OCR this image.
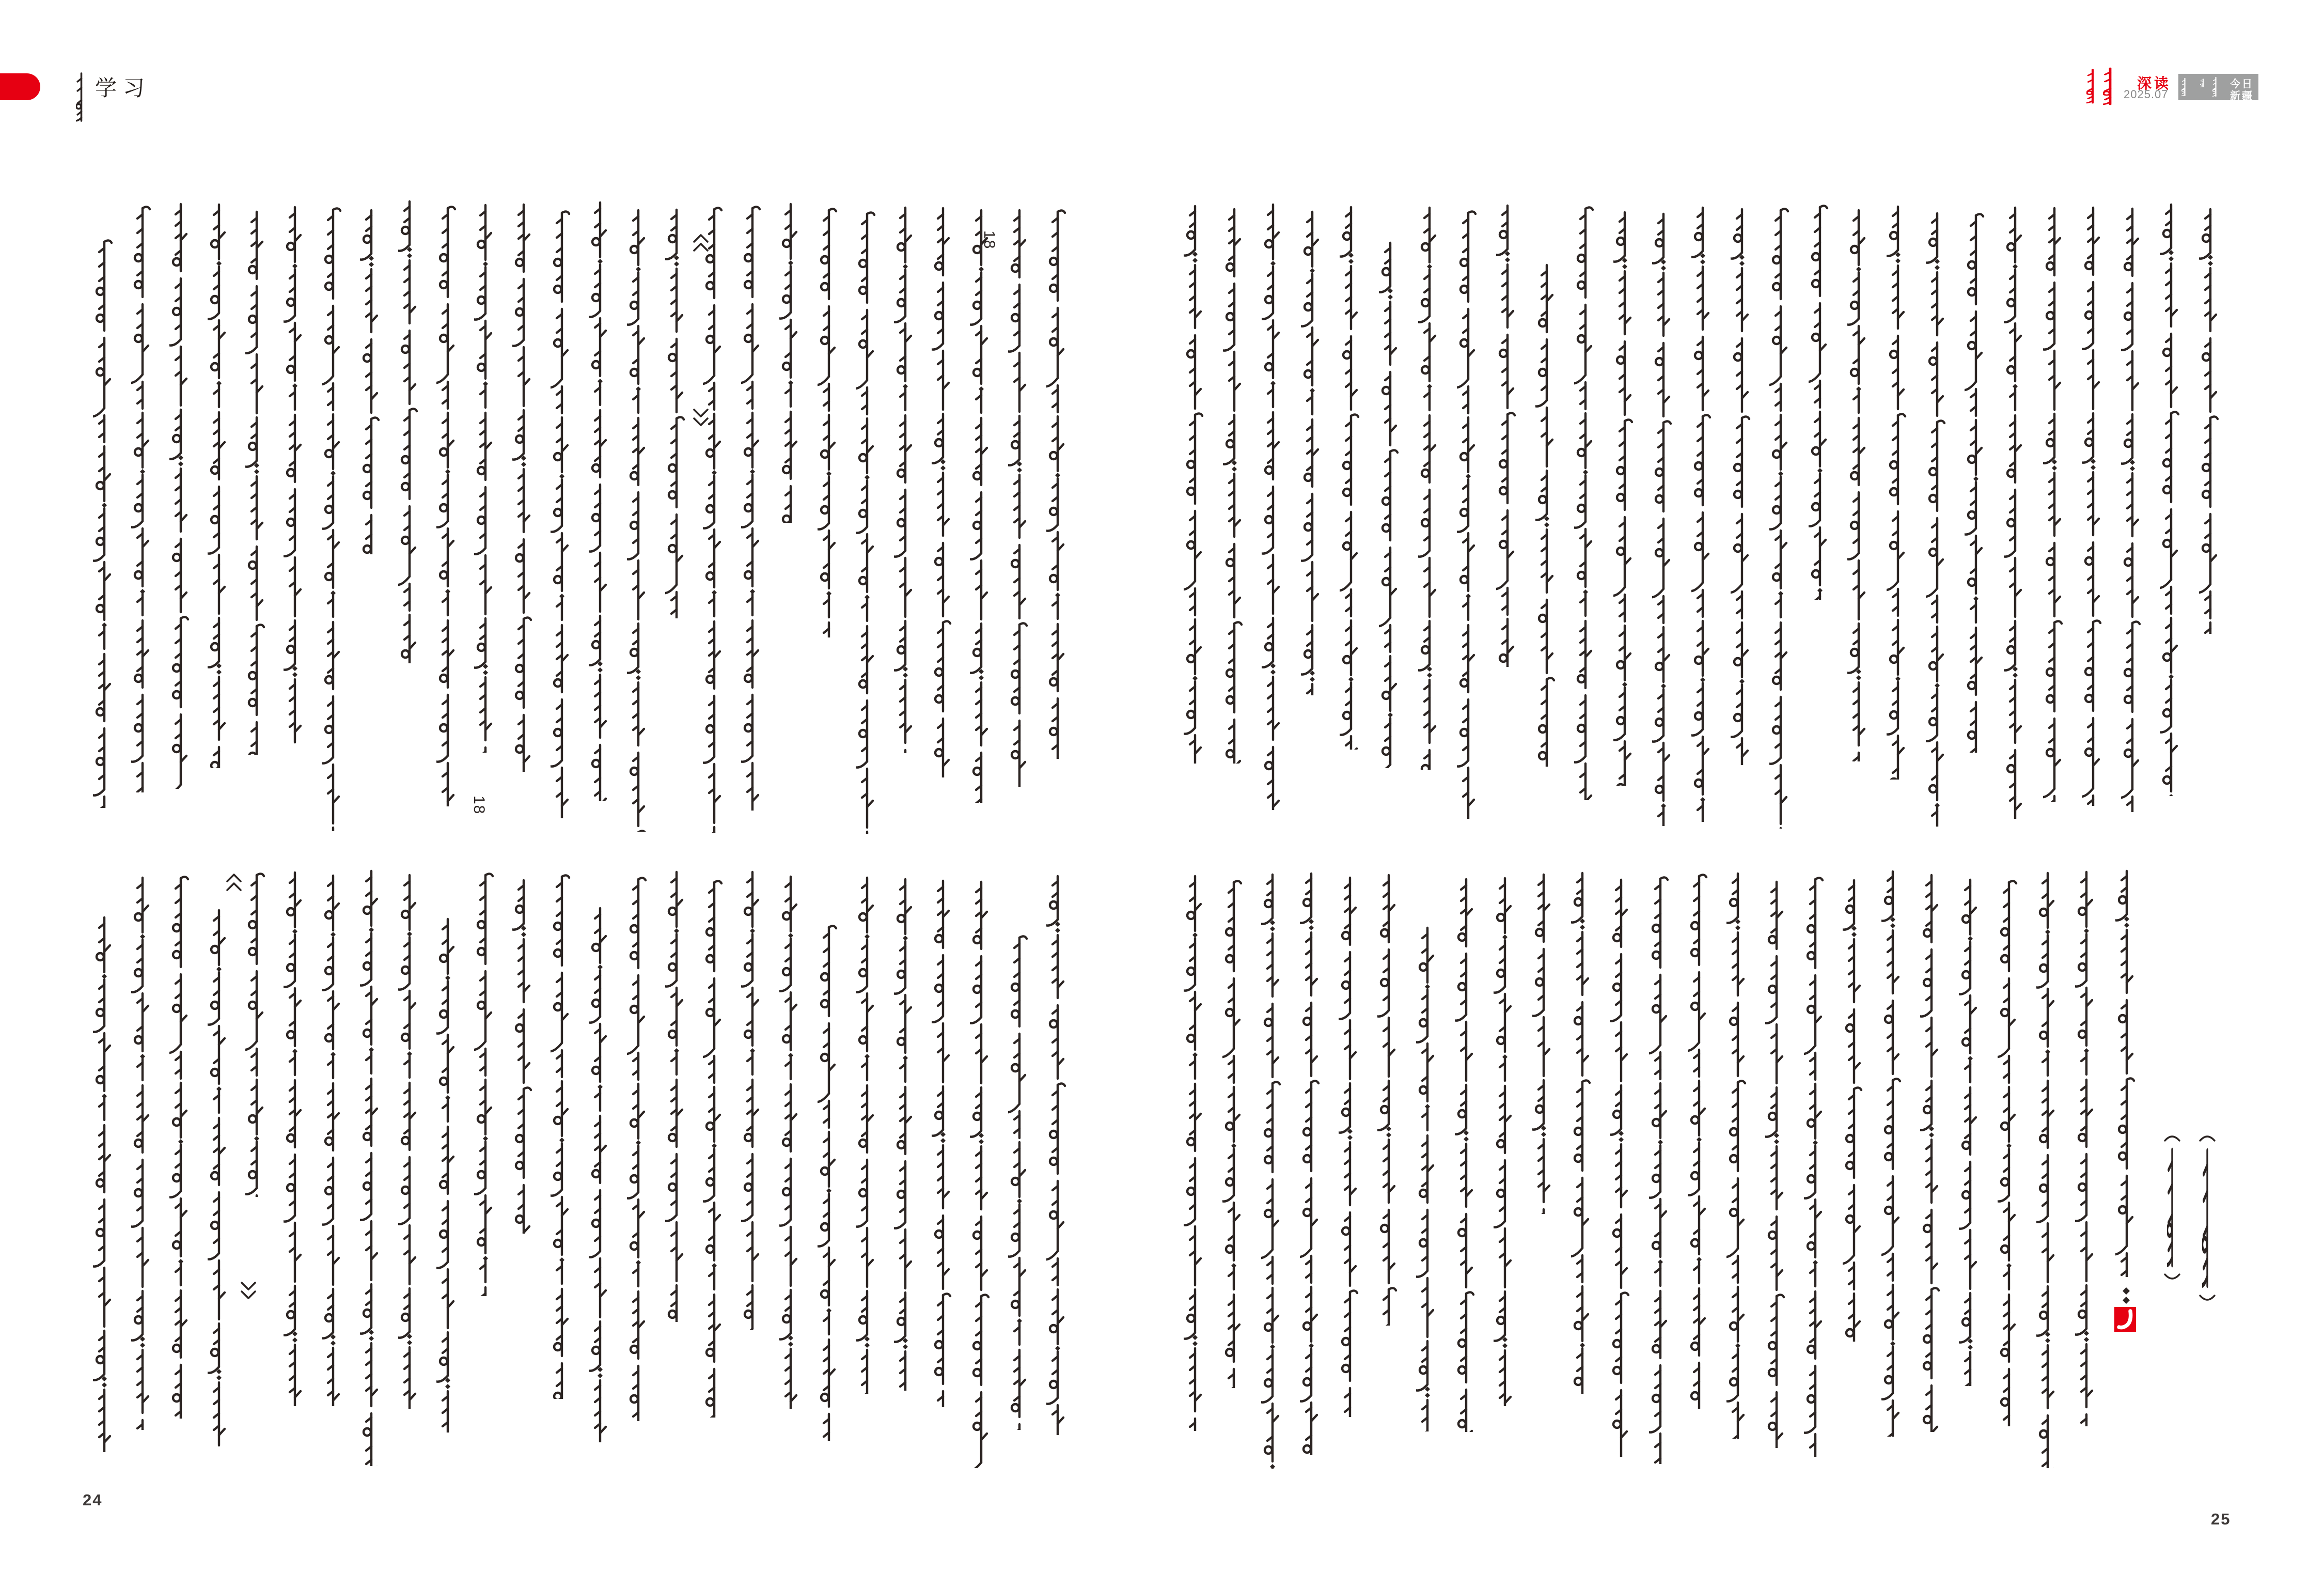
学习	深读
2025.07
今日
新疆
18
18
24
25
